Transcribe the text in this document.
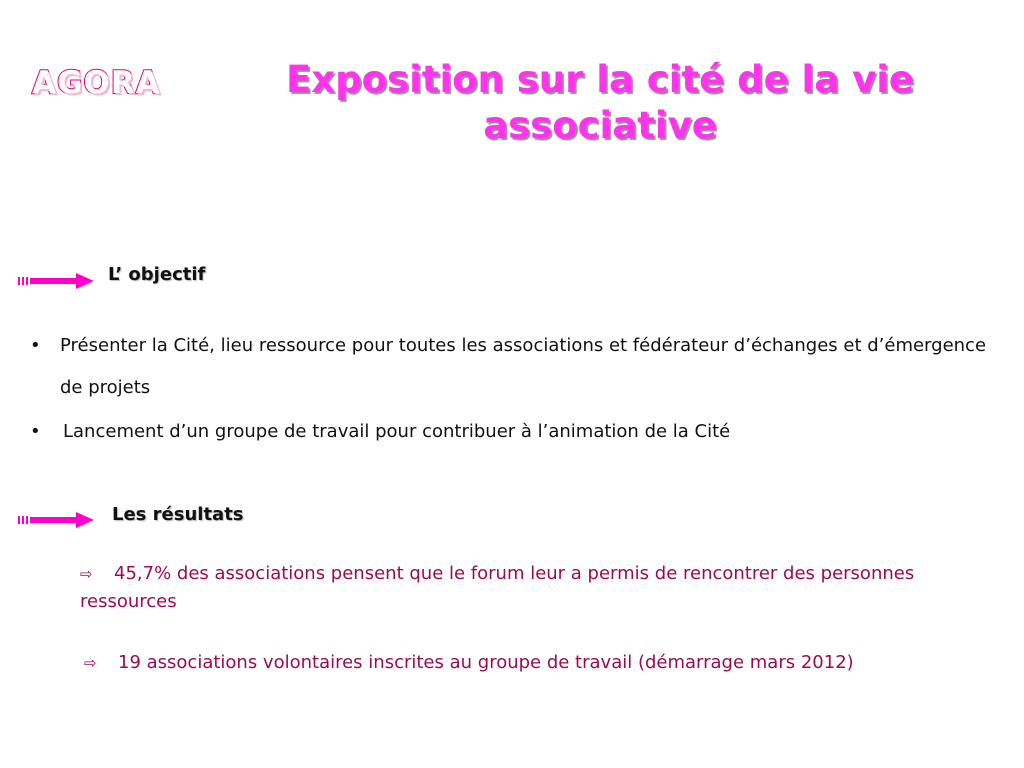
AGORA	Exposition sur la cité de la vie associative
L’ objectif
• Présenter la Cité, lieu ressource pour toutes les associations et fédérateur d’échanges et d’émergence de projets
• Lancement d’un groupe de travail pour contribuer à l’animation de la Cité
Les résultats
⇨ 45,7% des associations pensent que le forum leur a permis de rencontrer des personnes ressources
⇨ 19 associations volontaires inscrites au groupe de travail (démarrage mars 2012)
